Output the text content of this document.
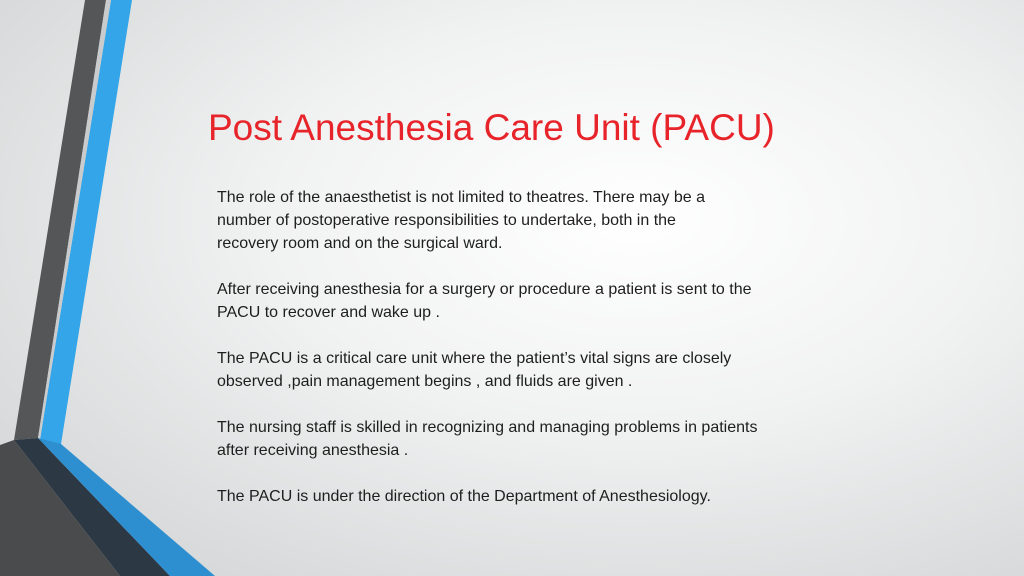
Post Anesthesia Care Unit (PACU)

The role of the anaesthetist is not limited to theatres. There may be a
number of postoperative responsibilities to undertake, both in the
recovery room and on the surgical ward.

After receiving anesthesia for a surgery or procedure a patient is sent to the
PACU to recover and wake up .

The PACU is a critical care unit where the patient’s vital signs are closely
observed ,pain management begins , and fluids are given .

The nursing staff is skilled in recognizing and managing problems in patients
after receiving anesthesia .

The PACU is under the direction of the Department of Anesthesiology.
